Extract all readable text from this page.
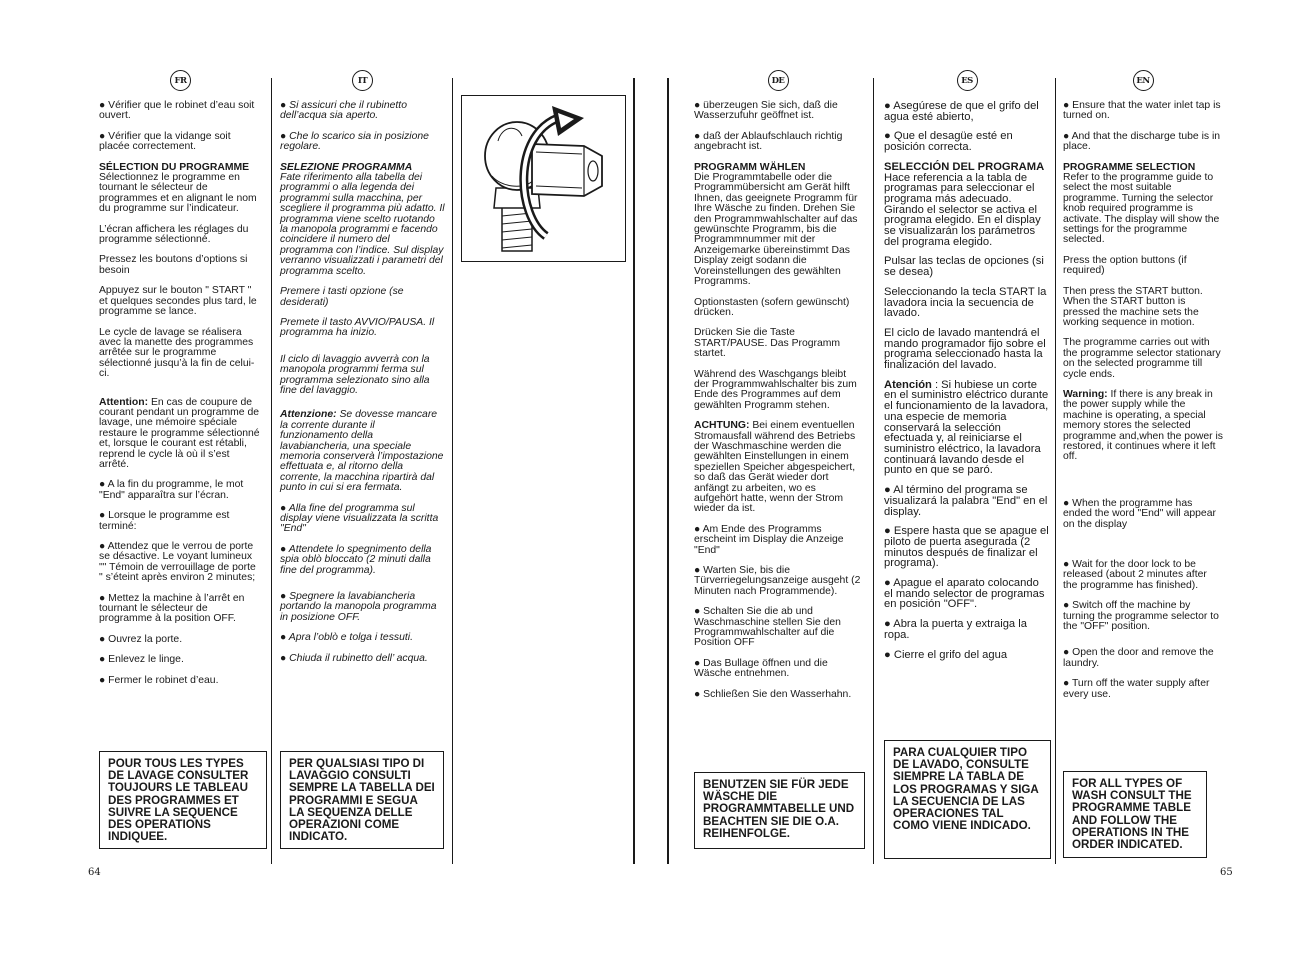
FR

● Vérifier que le robinet d’eau soit ouvert.

● Vérifier que la vidange soit placée correctement.

SÉLECTION DU PROGRAMME
Sélectionnez le programme en tournant le sélecteur de programmes et en alignant le nom du programme sur l’indicateur.

L’écran affichera les réglages du programme sélectionné.

Pressez les boutons d’options si besoin

Appuyez sur le bouton " START " et quelques secondes plus tard, le programme se lance.

Le cycle de lavage se réalisera avec la manette des programmes arrêtée sur le programme sélectionné jusqu’à la fin de celui-ci.

Attention: En cas de coupure de courant pendant un programme de lavage, une mémoire spéciale restaure le programme sélectionné et, lorsque le courant est rétabli, reprend le cycle là où il s’est arrêté.

● A la fin du programme, le mot "End" apparaîtra sur l’écran.

● Lorsque le programme est terminé:

● Attendez que le verrou de porte se désactive. Le voyant lumineux "" Témoin de verrouillage de porte " s’éteint après environ 2 minutes;

● Mettez la machine à l’arrêt en tournant le sélecteur de programme à la position OFF.

● Ouvrez la porte.

● Enlevez le linge.

● Fermer le robinet d’eau.

POUR TOUS LES TYPES DE LAVAGE CONSULTER TOUJOURS LE TABLEAU DES PROGRAMMES ET SUIVRE LA SEQUENCE DES OPERATIONS INDIQUEE.
IT

● Si assicuri che il rubinetto dell’acqua sia aperto.

● Che lo scarico sia in posizione regolare.

SELEZIONE PROGRAMMA
Fate riferimento alla tabella dei programmi o alla legenda dei programmi sulla macchina, per scegliere il programma più adatto. Il programma viene scelto ruotando la manopola programmi e facendo coincidere il numero del programma con l’indice. Sul display verranno visualizzati i parametri del programma scelto.

Premere i tasti opzione (se desiderati)

Premete il tasto AVVIO/PAUSA. Il programma ha inizio.

Il ciclo di lavaggio avverrà con la manopola programmi ferma sul programma selezionato sino alla fine del lavaggio.

Attenzione: Se dovesse mancare la corrente durante il funzionamento della lavabiancheria, una speciale memoria conserverà l’impostazione effettuata e, al ritorno della corrente, la macchina ripartirà dal punto in cui si era fermata.

● Alla fine del programma sul display viene visualizzata la scritta "End"

● Attendete lo spegnimento della spia oblò bloccato (2 minuti dalla fine del programma).

● Spegnere la lavabiancheria portando la manopola programma in posizione OFF.

● Apra l’oblò e tolga i tessuti.

● Chiuda il rubinetto dell’ acqua.

PER QUALSIASI TIPO DI LAVAGGIO CONSULTI SEMPRE LA TABELLA DEI PROGRAMMI E SEGUA LA SEQUENZA DELLE OPERAZIONI COME INDICATO.
64
DE

● überzeugen Sie sich, daß die Wasserzufuhr geöffnet ist.

● daß der Ablaufschlauch richtig angebracht ist.

PROGRAMM WÄHLEN
Die Programmtabelle oder die Programmübersicht am Gerät hilft Ihnen, das geeignete Programm für Ihre Wäsche zu finden. Drehen Sie den Programmwahlschalter auf das gewünschte Programm, bis die Programmnummer mit der Anzeigemarke übereinstimmt Das Display zeigt sodann die Voreinstellungen des gewählten Programms.

Optionstasten (sofern gewünscht) drücken.

Drücken Sie die Taste START/PAUSE. Das Programm startet.

Während des Waschgangs bleibt der Programmwahlschalter bis zum Ende des Programmes auf dem gewählten Programm stehen.

ACHTUNG: Bei einem eventuellen Stromausfall während des Betriebs der Waschmaschine werden die gewählten Einstellungen in einem speziellen Speicher abgespeichert, so daß das Gerät wieder dort anfängt zu arbeiten, wo es aufgehört hatte, wenn der Strom wieder da ist.

● Am Ende des Programms erscheint im Display die Anzeige "End"

● Warten Sie, bis die Türverriegelungsanzeige ausgeht (2 Minuten nach Programmende).

● Schalten Sie die ab und Waschmaschine stellen Sie den Programmwahlschalter auf die Position OFF

● Das Bullage öffnen und die Wäsche entnehmen.

● Schließen Sie den Wasserhahn.

BENUTZEN SIE FÜR JEDE WÄSCHE DIE PROGRAMMTABELLE UND BEACHTEN SIE DIE O.A. REIHENFOLGE.
ES

● Asegúrese de que el grifo del agua esté abierto,

● Que el desagüe esté en posición correcta.

SELECCIÓN DEL PROGRAMA
Hace referencia a la tabla de programas para seleccionar el programa más adecuado. Girando el selector se activa el programa elegido. En el display se visualizarán los parámetros del programa elegido.

Pulsar las teclas de opciones (si se desea)

Seleccionando la tecla START la lavadora incia la secuencia de lavado.

El ciclo de lavado mantendrá el mando programador fijo sobre el programa seleccionado hasta la finalización del lavado.

Atención : Si hubiese un corte en el suministro eléctrico durante el funcionamiento de la lavadora, una especie de memoria conservará la selección efectuada y, al reiniciarse el suministro eléctrico, la lavadora continuará lavando desde el punto en que se paró.

● Al término del programa se visualizará la palabra "End" en el display.

● Espere hasta que se apague el piloto de puerta asegurada (2 minutos después de finalizar el programa).

● Apague el aparato colocando el mando selector de programas en posición "OFF".

● Abra la puerta y extraiga la ropa.

● Cierre el grifo del agua

PARA CUALQUIER TIPO DE LAVADO, CONSULTE SIEMPRE LA TABLA DE LOS PROGRAMAS Y SIGA LA SECUENCIA DE LAS OPERACIONES TAL COMO VIENE INDICADO.
EN

● Ensure that the water inlet tap is turned on.

● And that the discharge tube is in place.

PROGRAMME SELECTION
Refer to the programme guide to select the most suitable programme. Turning the selector knob required programme is activate. The display will show the settings for the programme selected.

Press the option buttons (if required)

Then press the START button. When the START button is pressed the machine sets the working sequence in motion.

The programme carries out with the programme selector stationary on the selected programme till cycle ends.

Warning: If there is any break in the power supply while the machine is operating, a special memory stores the selected programme and,when the power is restored, it continues where it left off.

● When the programme has ended the word "End" will appear on the display

● Wait for the door lock to be released (about 2 minutes after the programme has finished).

● Switch off the machine by turning the programme selector to the "OFF" position.

● Open the door and remove the laundry.

● Turn off the water supply after every use.

FOR ALL TYPES OF WASH CONSULT THE PROGRAMME TABLE AND FOLLOW THE OPERATIONS IN THE ORDER INDICATED.
65
